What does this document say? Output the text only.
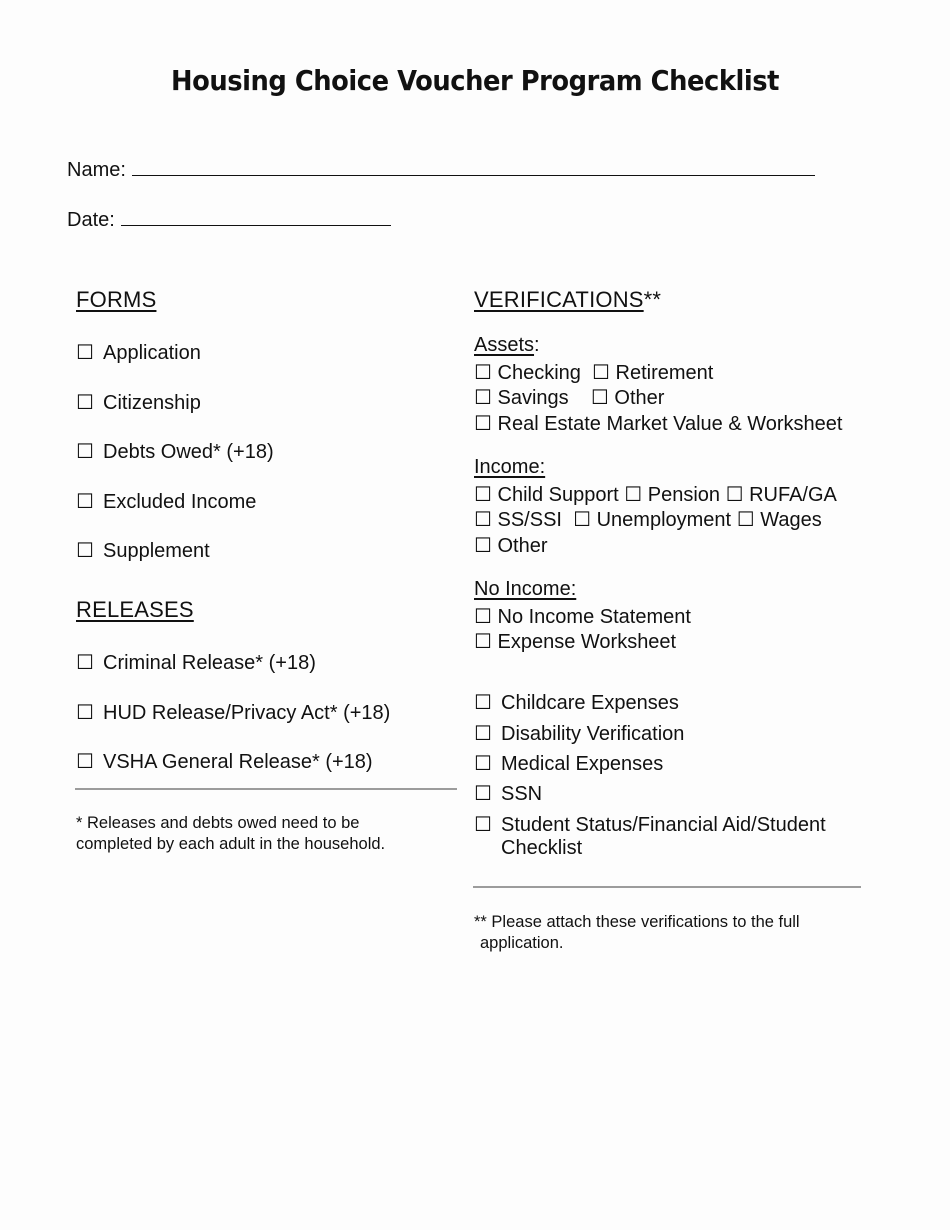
Housing Choice Voucher Program Checklist
Name:
Date:
FORMS
☐ Application
☐ Citizenship
☐ Debts Owed* (+18)
☐ Excluded Income
☐ Supplement
RELEASES
☐ Criminal Release* (+18)
☐ HUD Release/Privacy Act* (+18)
☐ VSHA General Release* (+18)
* Releases and debts owed need to be completed by each adult in the household.
VERIFICATIONS**
Assets:
☐ Checking ☐ Retirement
☐ Savings ☐ Other
☐ Real Estate Market Value & Worksheet
Income:
☐ Child Support ☐ Pension ☐ RUFA/GA
☐ SS/SSI ☐ Unemployment ☐ Wages
☐ Other
No Income:
☐ No Income Statement
☐ Expense Worksheet
☐ Childcare Expenses
☐ Disability Verification
☐ Medical Expenses
☐ SSN
☐ Student Status/Financial Aid/Student
Checklist
** Please attach these verifications to the full
application.
